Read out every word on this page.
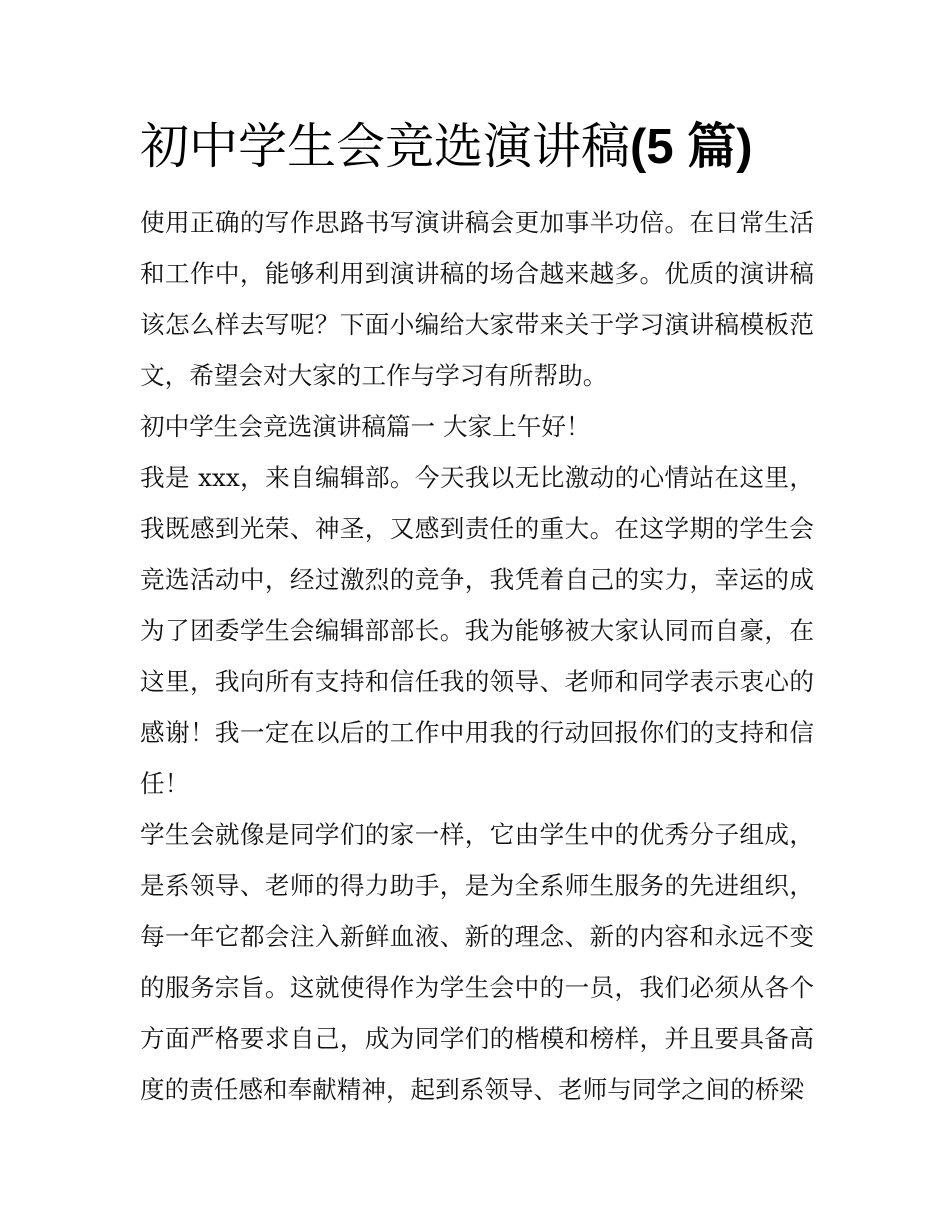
初中学生会竞选演讲稿(5 篇)

使用正确的写作思路书写演讲稿会更加事半功倍。在日常生活和工作中，能够利用到演讲稿的场合越来越多。优质的演讲稿该怎么样去写呢？下面小编给大家带来关于学习演讲稿模板范文，希望会对大家的工作与学习有所帮助。

初中学生会竞选演讲稿篇一 大家上午好！

我是 xxx，来自编辑部。今天我以无比激动的心情站在这里，我既感到光荣、神圣，又感到责任的重大。在这学期的学生会竞选活动中，经过激烈的竞争，我凭着自己的实力，幸运的成为了团委学生会编辑部部长。我为能够被大家认同而自豪，在这里，我向所有支持和信任我的领导、老师和同学表示衷心的感谢！我一定在以后的工作中用我的行动回报你们的支持和信任！

学生会就像是同学们的家一样，它由学生中的优秀分子组成，是系领导、老师的得力助手，是为全系师生服务的先进组织，每一年它都会注入新鲜血液、新的理念、新的内容和永远不变的服务宗旨。这就使得作为学生会中的一员，我们必须从各个方面严格要求自己，成为同学们的楷模和榜样，并且要具备高度的责任感和奉献精神，起到系领导、老师与同学之间的桥梁
